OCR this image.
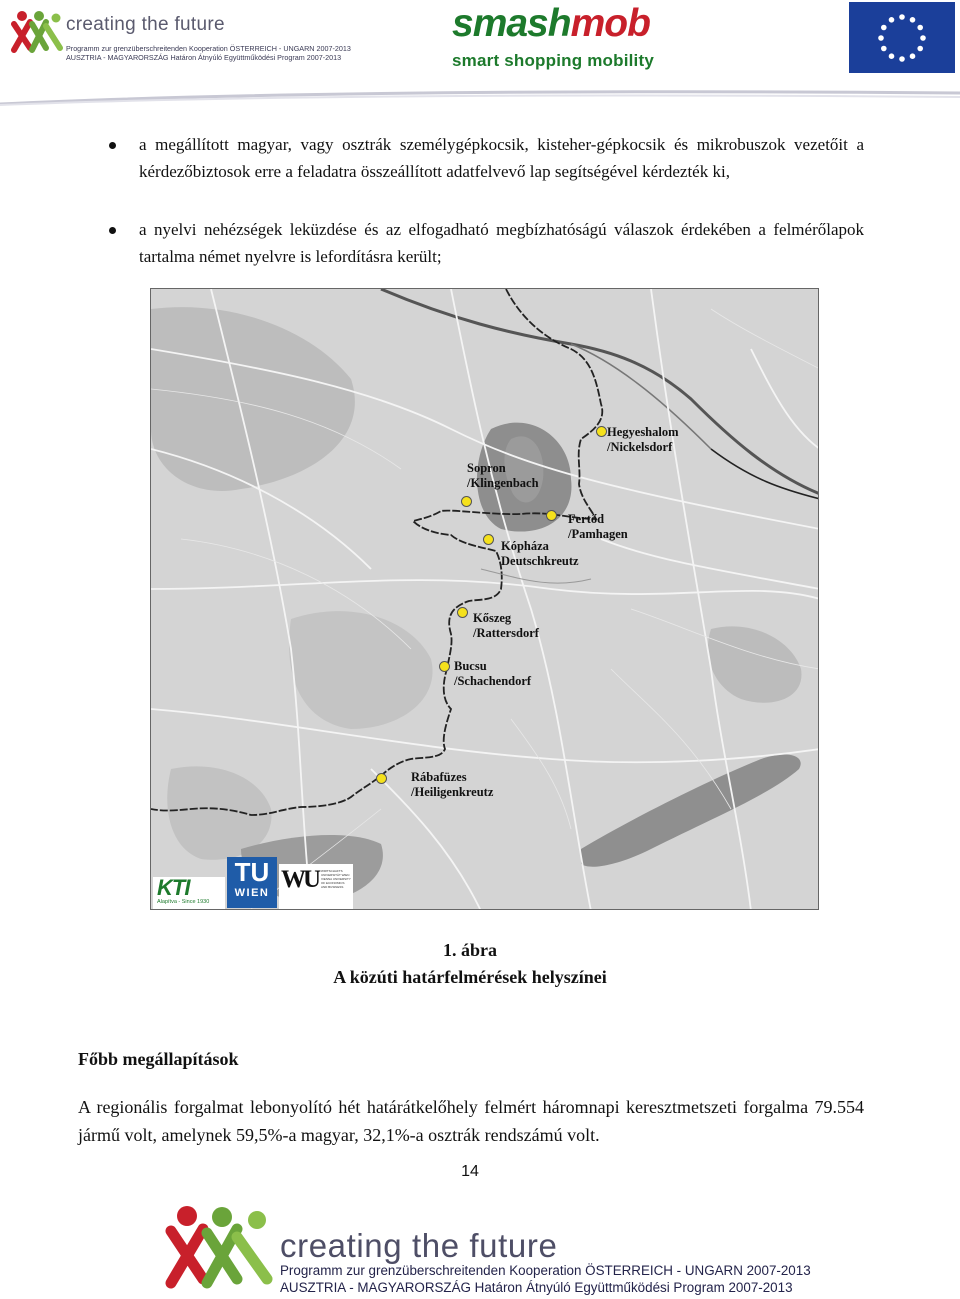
creating the future
Programm zur grenzüberschreitenden Kooperation ÖSTERREICH - UNGARN 2007-2013
AUSZTRIA - MAGYARORSZÁG Határon Átnyúló Együttműködési Program 2007-2013
smashmob
smart shopping mobility
a megállított magyar, vagy osztrák személygépkocsik, kisteher-gépkocsik és mikrobuszok vezetőit a kérdezőbiztosok erre a feladatra összeállított adatfelvevő lap segítségével kérdezték ki,
a nyelvi nehézségek leküzdése és az elfogadható megbízhatóságú válaszok érdekében a felmérőlapok tartalma német nyelvre is lefordításra került;
Hegyeshalom
/Nickelsdorf
Sopron
/Klingenbach
Fertőd
/Pamhagen
Kópháza
Deutschkreutz
Kőszeg
/Rattersdorf
Bucsu
/Schachendorf
Rábafüzes
/Heiligenkreutz
KTI
Alapítva - Since 1930
TU
WIEN WU WIRTSCHAFTS UNIVERSITÄT WIEN VIENNA UNIVERSITY OF ECONOMICS AND BUSINESS
1. ábra
A közúti határfelmérések helyszínei
Főbb megállapítások
A regionális forgalmat lebonyolító hét határátkelőhely felmért háromnapi keresztmetszeti forgalma 79.554 jármű volt, amelynek 59,5%-a magyar, 32,1%-a osztrák rendszámú volt.
14
creating the future
Programm zur grenzüberschreitenden Kooperation ÖSTERREICH - UNGARN 2007-2013
AUSZTRIA - MAGYARORSZÁG Határon Átnyúló Együttműködési Program 2007-2013
